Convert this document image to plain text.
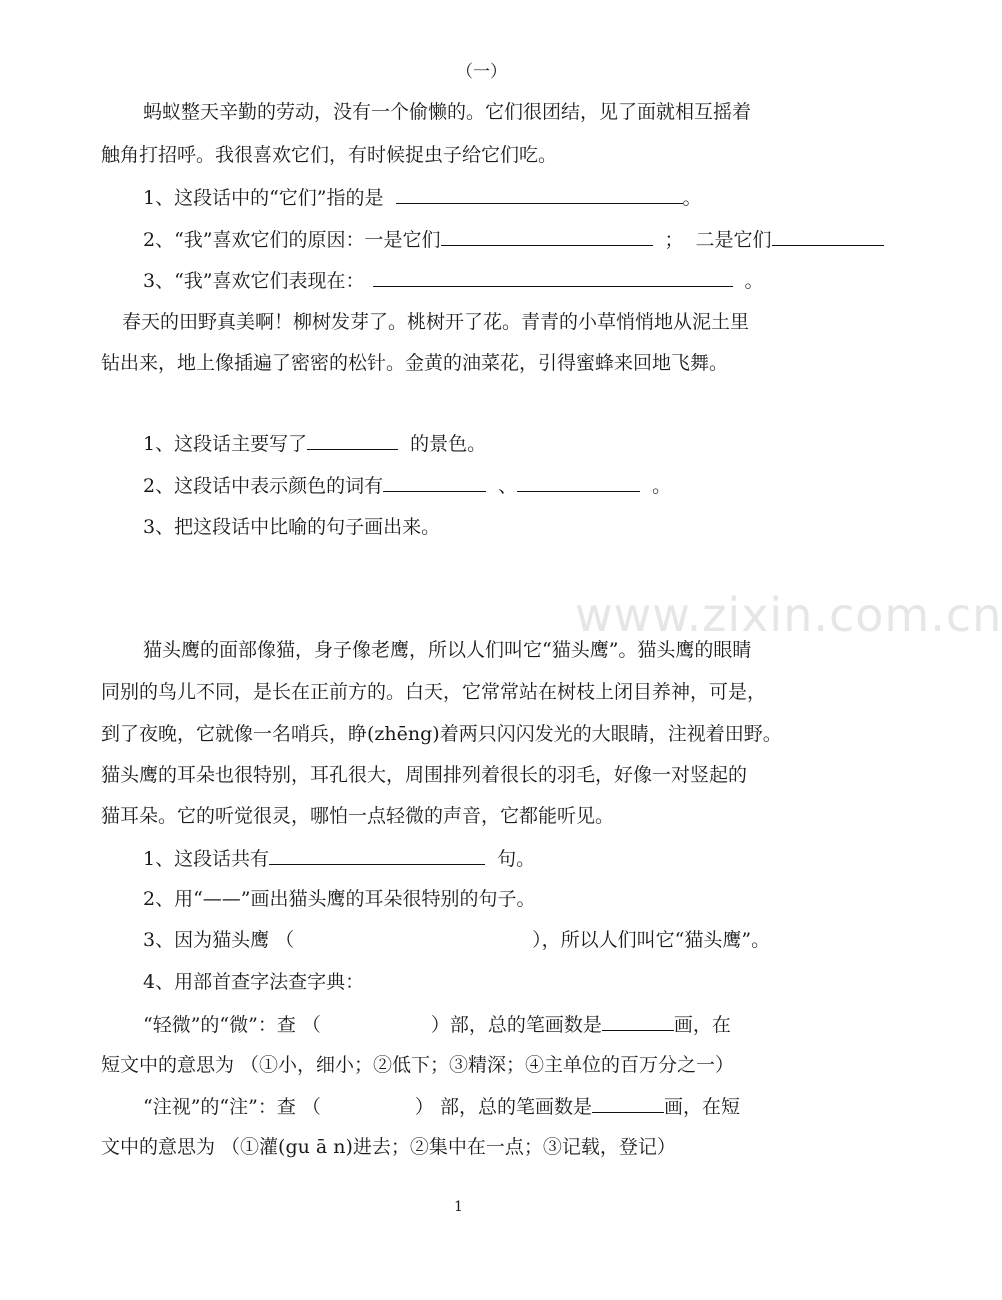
www.zixin.com.cn
（一）
蚂蚁整天辛勤的劳动，没有一个偷懒的。它们很团结，见了面就相互摇着
触角打招呼。我很喜欢它们，有时候捉虫子给它们吃。
1、这段话中的“它们”指的是	。
2、“我”喜欢它们的原因：一是它们	； 二是它们
3、“我”喜欢它们表现在：	。
春天的田野真美啊！柳树发芽了。桃树开了花。青青的小草悄悄地从泥土里
钻出来，地上像插遍了密密的松针。金黄的油菜花，引得蜜蜂来回地飞舞。
1、这段话主要写了	的景色。
2、这段话中表示颜色的词有	、	。
3、把这段话中比喻的句子画出来。
猫头鹰的面部像猫，身子像老鹰，所以人们叫它“猫头鹰”。猫头鹰的眼睛
同别的鸟儿不同，是长在正前方的。白天，它常常站在树枝上闭目养神，可是，
到了夜晚，它就像一名哨兵，睁(zhēng)着两只闪闪发光的大眼睛，注视着田野。
猫头鹰的耳朵也很特别，耳孔很大，周围排列着很长的羽毛，好像一对竖起的
猫耳朵。它的听觉很灵，哪怕一点轻微的声音，它都能听见。
1、这段话共有	句。
2、用“——”画出猫头鹰的耳朵很特别的句子。
3、因为猫头鹰 （	），所以人们叫它“猫头鹰”。
4、用部首查字法查字典：
“轻微”的“微”：查 （	）部，总的笔画数是	画，在
短文中的意思为 （①小，细小；②低下；③精深；④主单位的百万分之一）
“注视”的“注”：查 （	） 部，总的笔画数是	画，在短
文中的意思为 （①灌(gu ā n)进去；②集中在一点；③记载，登记）
1
